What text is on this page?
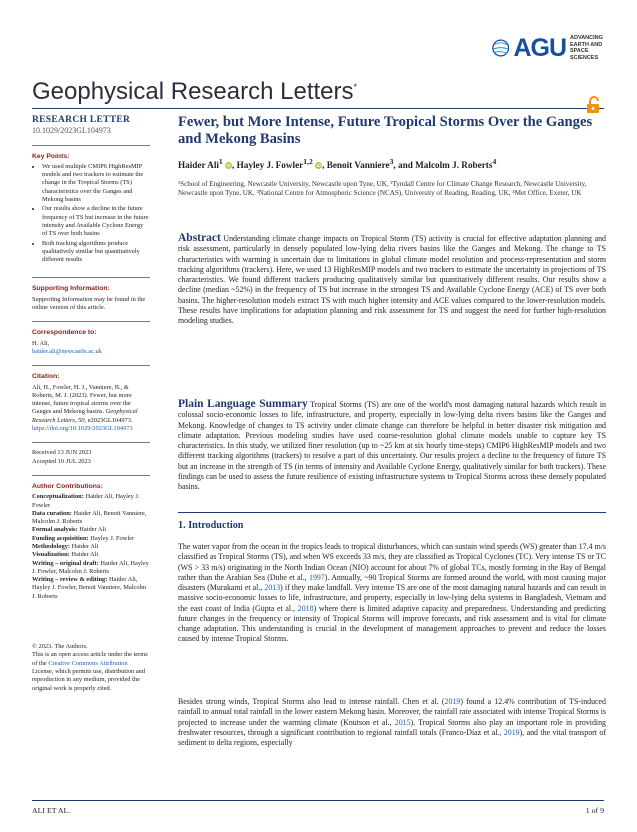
AGU ADVANCING
EARTH AND
SPACE SCIENCES
Geophysical Research Letters*
RESEARCH LETTER
10.1029/2023GL104973
Key Points:
• We used multiple CMIP6 HighResMIP models and two trackers to estimate the change in the Tropical Storms (TS) characteristics over the Ganges and Mekong basins
• Our results show a decline in the future frequency of TS but increase in the future intensity and Available Cyclone Energy of TS over both basins
• Both tracking algorithms produce qualitatively similar but quantitatively different results
Supporting Information:
Supporting Information may be found in the online version of this article.
Correspondence to:
H. Ali,
haider.ali@newcastle.ac.uk
Citation:
Ali, H., Fowler, H. J., Vanniere, B., & Roberts, M. J. (2023). Fewer, but more intense, future tropical storms over the Ganges and Mekong basins. Geophysical Research Letters, 50, e2023GL104973. https://doi.org/10.1029/2023GL104973
Received 13 JUN 2023
Accepted 10 JUL 2023
Author Contributions:
Conceptualization: Haider Ali, Hayley J. Fowler
Data curation: Haider Ali, Benoit Vanniere, Malcolm J. Roberts
Formal analysis: Haider Ali
Funding acquisition: Hayley J. Fowler
Methodology: Haider Ali
Visualization: Haider Ali
Writing – original draft: Haider Ali, Hayley J. Fowler, Malcolm J. Roberts
Writing – review & editing: Haider Ali, Hayley J. Fowler, Benoit Vanniere, Malcolm J. Roberts
© 2023. The Authors.
This is an open access article under the terms of the Creative Commons Attribution License, which permits use, distribution and reproduction in any medium, provided the original work is properly cited.
Fewer, but More Intense, Future Tropical Storms Over the Ganges and Mekong Basins
Haider Ali$^1$ iD, Hayley J. Fowler$^{1,2}$ iD, Benoit Vanniere$^3$, and Malcolm J. Roberts$^4$
¹School of Engineering, Newcastle University, Newcastle upon Tyne, UK, ²Tyndall Centre for Climate Change Research, Newcastle University, Newcastle upon Tyne, UK, ³National Centre for Atmospheric Science (NCAS), University of Reading, Reading, UK, ⁴Met Office, Exeter, UK
Abstract Understanding climate change impacts on Tropical Storm (TS) activity is crucial for effective adaptation planning and risk assessment, particularly in densely populated low-lying delta rivers basins like the Ganges and Mekong. The change to TS characteristics with warming is uncertain due to limitations in global climate model resolution and process-representation and storm tracking algorithms (trackers). Here, we used 13 HighResMIP models and two trackers to estimate the uncertainty in projections of TS characteristics. We found different trackers producing qualitatively similar but quantitatively different results. Our results show a decline (median ~52%) in the frequency of TS but increase in the strongest TS and Available Cyclone Energy (ACE) of TS over both basins. The higher-resolution models extract TS with much higher intensity and ACE values compared to the lower-resolution models. These results have implications for adaptation planning and risk assessment for TS and suggest the need for further high-resolution modeling studies.
Plain Language Summary Tropical Storms (TS) are one of the world's most damaging natural hazards which result in colossal socio-economic losses to life, infrastructure, and property, especially in low-lying delta rivers basins like the Ganges and Mekong. Knowledge of changes to TS activity under climate change can therefore be helpful in better disaster risk mitigation and climate adaptation. Previous modeling studies have used coarse-resolution global climate models unable to capture key TS characteristics. In this study, we utilized finer resolution (up to ~25 km at six hourly time-steps) CMIP6 HighResMIP models and two different tracking algorithms (trackers) to resolve a part of this uncertainty. Our results project a decline to the frequency of future TS but an increase in the strength of TS (in terms of intensity and Available Cyclone Energy, qualitatively similar for both trackers). These findings can be used to assess the future resilience of existing infrastructure systems to Tropical Storms across these densely populated basins.
1. Introduction
The water vapor from the ocean in the tropics leads to tropical disturbances, which can sustain wind speeds (WS) greater than 17.4 m/s classified as Tropical Storms (TS), and when WS exceeds 33 m/s, they are classified as Tropical Cyclones (TC). Very intense TS or TC (WS > 33 m/s) originating in the North Indian Ocean (NIO) account for about 7% of global TCs, mostly forming in the Bay of Bengal rather than the Arabian Sea (Dube et al., 1997). Annually, ~90 Tropical Storms are formed around the world, with most causing major disasters (Murakami et al., 2013) if they make landfall. Very intense TS are one of the most damaging natural hazards and can result in massive socio-economic losses to life, infrastructure, and property, especially in low-lying delta systems in Bangladesh, Vietnam and the east coast of India (Gupta et al., 2018) where there is limited adaptive capacity and preparedness. Understanding and predicting future changes in the frequency or intensity of Tropical Storms will improve forecasts, and risk assessment and is vital for climate change adaptation. This understanding is crucial in the development of management approaches to prevent and reduce the losses caused by intense Tropical Storms.
Besides strong winds, Tropical Storms also lead to intense rainfall. Chen et al. (2019) found a 12.4% contribution of TS-induced rainfall to annual total rainfall in the lower eastern Mekong basin. Moreover, the rainfall rate associated with intense Tropical Storms is projected to increase under the warming climate (Knutson et al., 2015). Tropical Storms also play an important role in providing freshwater resources, through a significant contribution to regional rainfall totals (Franco-Díaz et al., 2019), and the vital transport of sediment to delta regions, especially
ALI ET AL.	1 of 9
